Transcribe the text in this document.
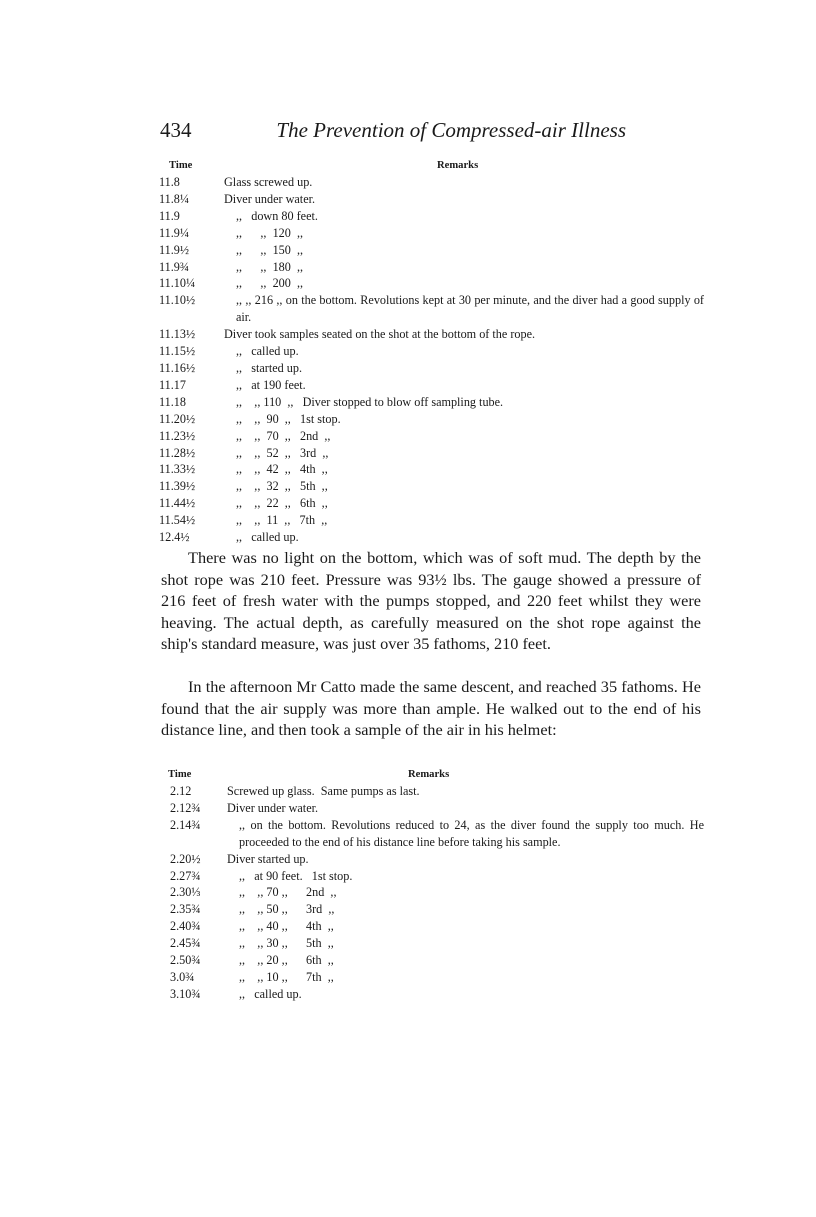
434	The Prevention of Compressed-air Illness
Time	Remarks
11.8	Glass screwed up.
11.8¼	Diver under water.
11.9	,,   down 80 feet.
11.9¼	,,      ,,  120  ,,
11.9½	,,      ,,  150  ,,
11.9¾	,,      ,,  180  ,,
11.10¼	,,      ,,  200  ,,
11.10½	,, ,, 216 ,, on the bottom. Revolutions kept at 30 per minute, and the diver had a good supply of air.
11.13½	Diver took samples seated on the shot at the bottom of the rope.
11.15½	,,   called up.
11.16½	,,   started up.
11.17	,,   at 190 feet.
11.18	,,    ,, 110  ,,   Diver stopped to blow off sampling tube.
11.20½	,,    ,,  90  ,,   1st stop.
11.23½	,,    ,,  70  ,,   2nd  ,,
11.28½	,,    ,,  52  ,,   3rd  ,,
11.33½	,,    ,,  42  ,,   4th  ,,
11.39½	,,    ,,  32  ,,   5th  ,,
11.44½	,,    ,,  22  ,,   6th  ,,
11.54½	,,    ,,  11  ,,   7th  ,,
12.4½	,,   called up.

There was no light on the bottom, which was of soft mud. The depth by the shot rope was 210 feet. Pressure was 93½ lbs. The gauge showed a pressure of 216 feet of fresh water with the pumps stopped, and 220 feet whilst they were heaving. The actual depth, as carefully measured on the shot rope against the ship's standard measure, was just over 35 fathoms, 210 feet.

In the afternoon Mr Catto made the same descent, and reached 35 fathoms. He found that the air supply was more than ample. He walked out to the end of his distance line, and then took a sample of the air in his helmet:

Time	Remarks
2.12	Screwed up glass.  Same pumps as last.
2.12¾	Diver under water.
2.14¾	,, on the bottom. Revolutions reduced to 24, as the diver found the supply too much. He proceeded to the end of his distance line before taking his sample.
2.20½	Diver started up.
2.27¾	,,   at 90 feet.   1st stop.
2.30⅓	,,    ,, 70 ,,      2nd  ,,
2.35¾	,,    ,, 50 ,,      3rd  ,,
2.40¾	,,    ,, 40 ,,      4th  ,,
2.45¾	,,    ,, 30 ,,      5th  ,,
2.50¾	,,    ,, 20 ,,      6th  ,,
3.0¾	,,    ,, 10 ,,      7th  ,,
3.10¾	,,   called up.
